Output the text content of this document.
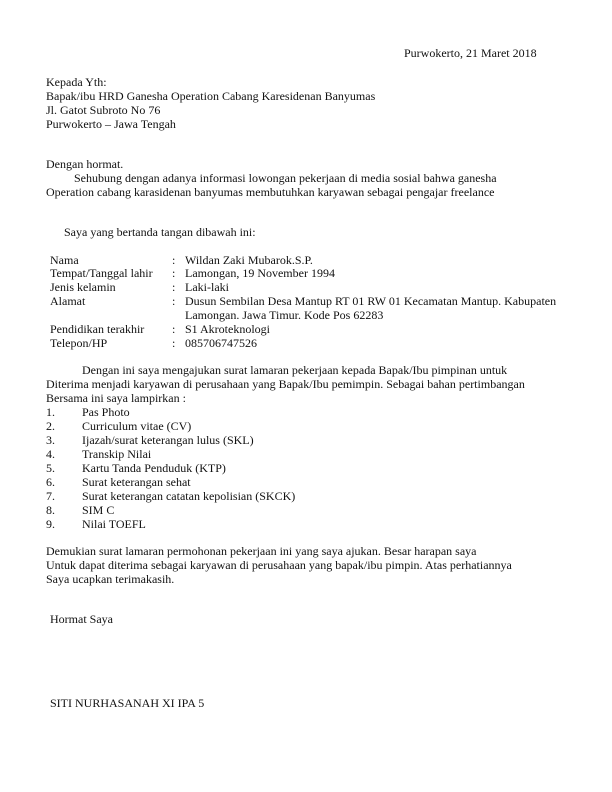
Purwokerto, 21 Maret 2018
Kepada Yth:
Bapak/ibu HRD Ganesha Operation Cabang Karesidenan Banyumas
Jl. Gatot Subroto No 76
Purwokerto – Jawa Tengah
Dengan hormat.
Sehubung dengan adanya informasi lowongan pekerjaan di media sosial bahwa ganesha
Operation cabang karasidenan banyumas membutuhkan karyawan sebagai pengajar freelance
Saya yang bertanda tangan dibawah ini:
Nama	: Wildan Zaki Mubarok.S.P.
Tempat/Tanggal lahir : Lamongan, 19 November 1994
Jenis kelamin	: Laki-laki
Alamat	: Dusun Sembilan Desa Mantup RT 01 RW 01 Kecamatan Mantup. Kabupaten
Lamongan. Jawa Timur. Kode Pos 62283
Pendidikan terakhir : S1 Akroteknologi
Telepon/HP	: 085706747526
Dengan ini saya mengajukan surat lamaran pekerjaan kepada Bapak/Ibu pimpinan untuk
Diterima menjadi karyawan di perusahaan yang Bapak/Ibu pemimpin. Sebagai bahan pertimbangan
Bersama ini saya lampirkan :
1. Pas Photo
2. Curriculum vitae (CV)
3. Ijazah/surat keterangan lulus (SKL)
4. Transkip Nilai
5. Kartu Tanda Penduduk (KTP)
6. Surat keterangan sehat
7. Surat keterangan catatan kepolisian (SKCK)
8. SIM C
9. Nilai TOEFL
Demukian surat lamaran permohonan pekerjaan ini yang saya ajukan. Besar harapan saya
Untuk dapat diterima sebagai karyawan di perusahaan yang bapak/ibu pimpin. Atas perhatiannya
Saya ucapkan terimakasih.
Hormat Saya
SITI NURHASANAH XI IPA 5
